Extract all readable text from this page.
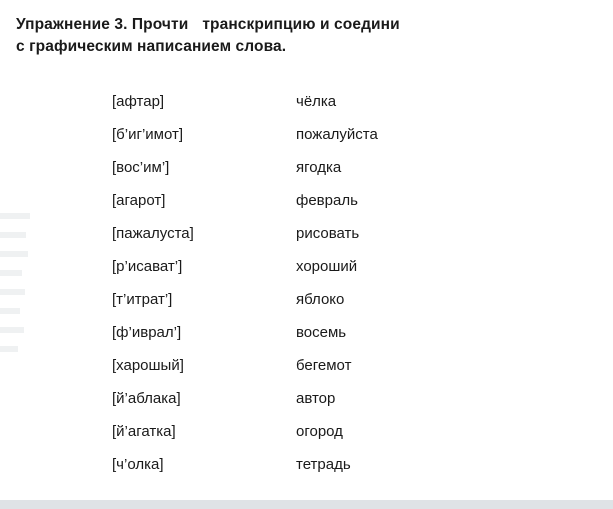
Упражнение 3. Прочти транскрипцию и соедини
с графическим написанием слова.
[афтар]
[б’иг’имот]
[вос’им’]
[агарот]
[пажалуста]
[р’исават’]
[т’итрат’]
[ф’иврал’]
[харошый]
[й’аблака]
[й’агатка]
[ч’олка]
чёлка
пожалуйста
ягодка
февраль
рисовать
хороший
яблоко
восемь
бегемот
автор
огород
тетрадь
